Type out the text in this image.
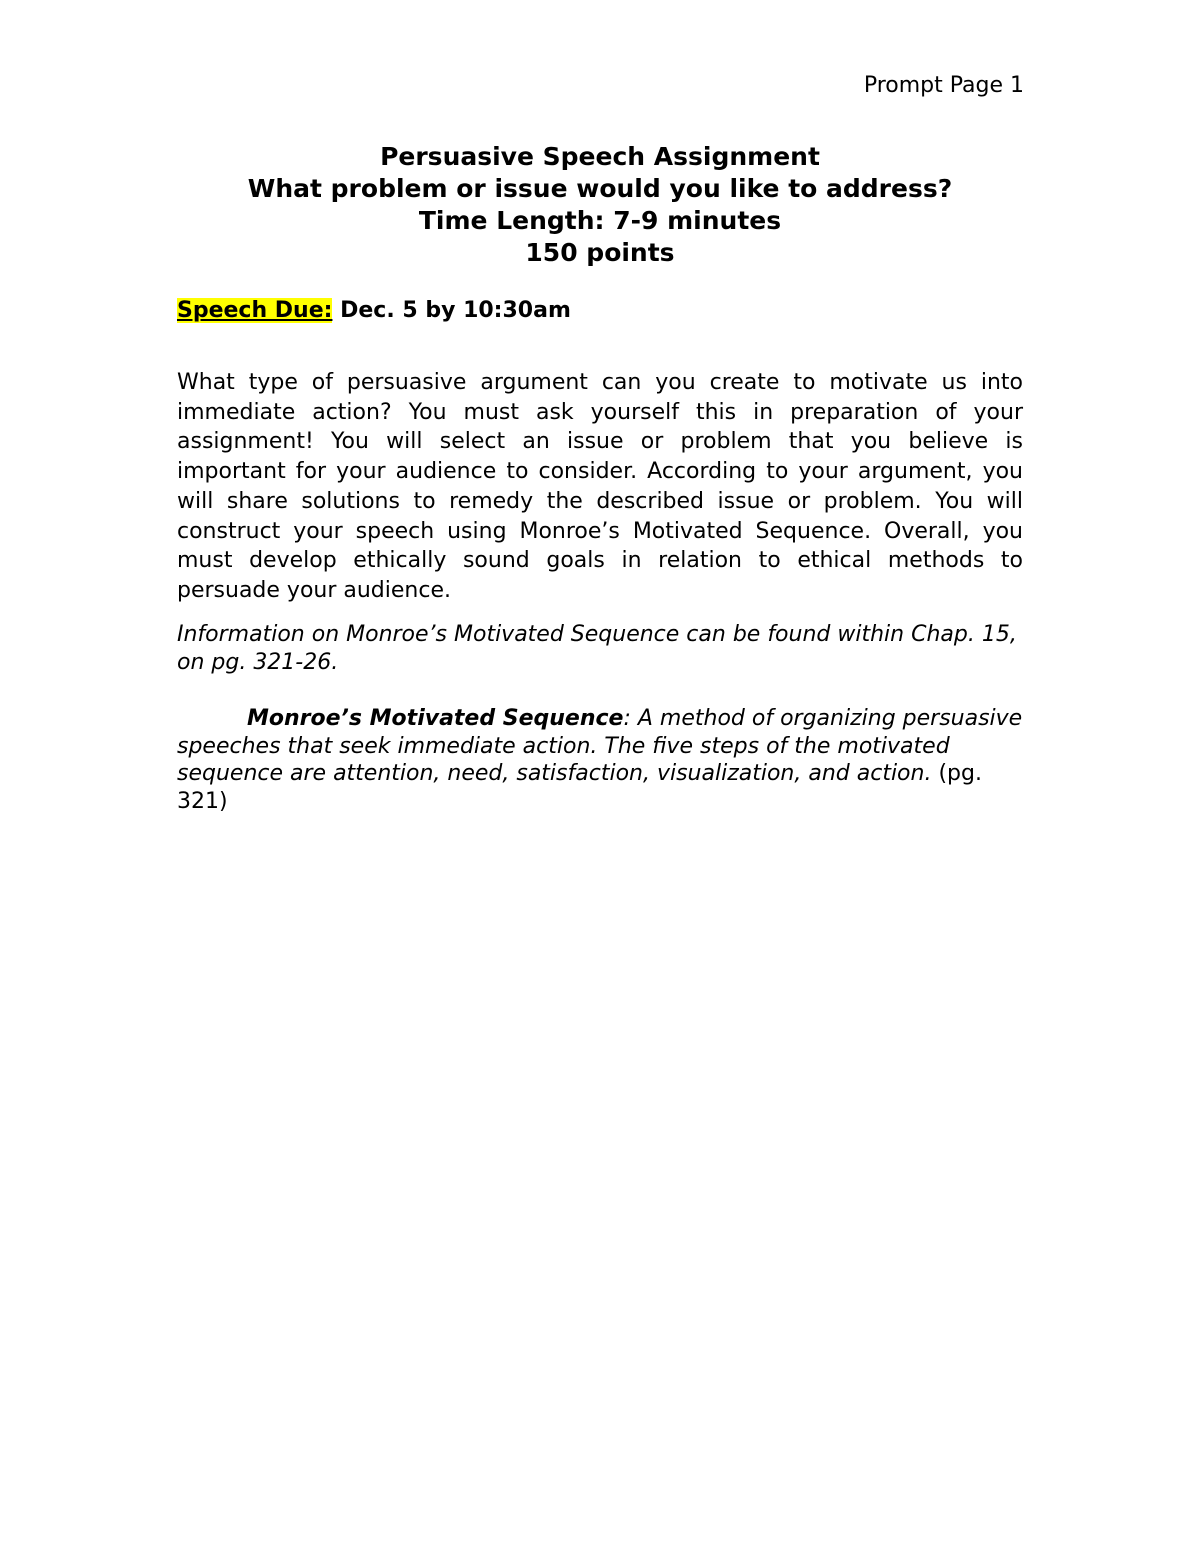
Prompt Page 1
Persuasive Speech Assignment
What problem or issue would you like to address?
Time Length: 7-9 minutes
150 points
Speech Due: Dec. 5 by 10:30am

What type of persuasive argument can you create to motivate us into immediate action? You must ask yourself this in preparation of your assignment! You will select an issue or problem that you believe is important for your audience to consider. According to your argument, you will share solutions to remedy the described issue or problem. You will construct your speech using Monroe’s Motivated Sequence. Overall, you must develop ethically sound goals in relation to ethical methods to persuade your audience.

Information on Monroe’s Motivated Sequence can be found within Chap. 15, on pg. 321-26.

Monroe’s Motivated Sequence: A method of organizing persuasive speeches that seek immediate action. The five steps of the motivated sequence are attention, need, satisfaction, visualization, and action. (pg. 321)
